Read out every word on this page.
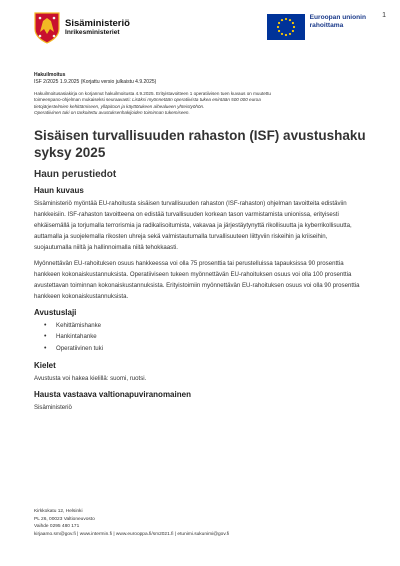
1
Sisäministeriö
Inrikesministeriet
Euroopan unionin
rahoittama
Hakuilmoitus
ISF 2/2025 1.9.2025 (Korjattu versio julkaistu 4.9.2025)
Hakuilmoitusasiakirja on korjannut hakuilmoitusta 4.9.2025. Erityistavoitteen 1 operatiivisen tuen kuvaus on muutettu
toimeenpano-ohjelman mukaiseksi seuraavasti: Lisäksi myönnetään operatiivista tukea enintään 500 000 euroa
tietojärjestelmien kehittämiseen, ylläpitoon ja käyttötukeen aihealueen yhteistyöhön.
Operatiivinen tuki on tarkoitettu avustuksenhakijoiden toiminnan tukemiseen.
Sisäisen turvallisuuden rahaston (ISF) avustushaku syksy 2025
Haun perustiedot
Haun kuvaus

Sisäministeriö myöntää EU-rahoitusta sisäisen turvallisuuden rahaston (ISF-rahaston) ohjelman tavoitteita edistäviin hankkeisiin. ISF-rahaston tavoitteena on edistää turvallisuuden korkean tason varmistamista unionissa, erityisesti ehkäisemällä ja torjumalla terrorismia ja radikalisoitumista, vakavaa ja järjestäytynyttä rikollisuutta ja kyberrikollisuutta, auttamalla ja suojelemalla rikosten uhreja sekä valmistautumalla turvallisuuteen liittyviin riskeihin ja kriiseihin, suojautumalla niiltä ja hallinnoimalla niitä tehokkaasti.

Myönnettävän EU-rahoituksen osuus hankkeessa voi olla 75 prosenttia tai perustelluissa tapauksissa 90 prosenttia hankkeen kokonaiskustannuksista. Operatiiviseen tukeen myönnettävän EU-rahoituksen osuus voi olla 100 prosenttia avustettavan toiminnan kokonaiskustannuksista. Erityistoimiin myönnettävän EU-rahoituksen osuus voi olla 90 prosenttia hankkeen kokonaiskustannuksista.

Avustuslaji
• Kehittämishanke
• Hankintahanke
• Operatiivinen tuki
Kielet

Avustusta voi hakea kielillä: suomi, ruotsi.

Hausta vastaava valtionapuviranomainen

Sisäministeriö

Kirkkokatu 12, Helsinki
PL 26, 00023 Valtioneuvosto
Vaihde 0295 480 171
kirjaamo.sm@gov.fi | www.intermin.fi | www.eurooppa.fi/sm2021.fi | etunimi.sukunimi@gov.fi
